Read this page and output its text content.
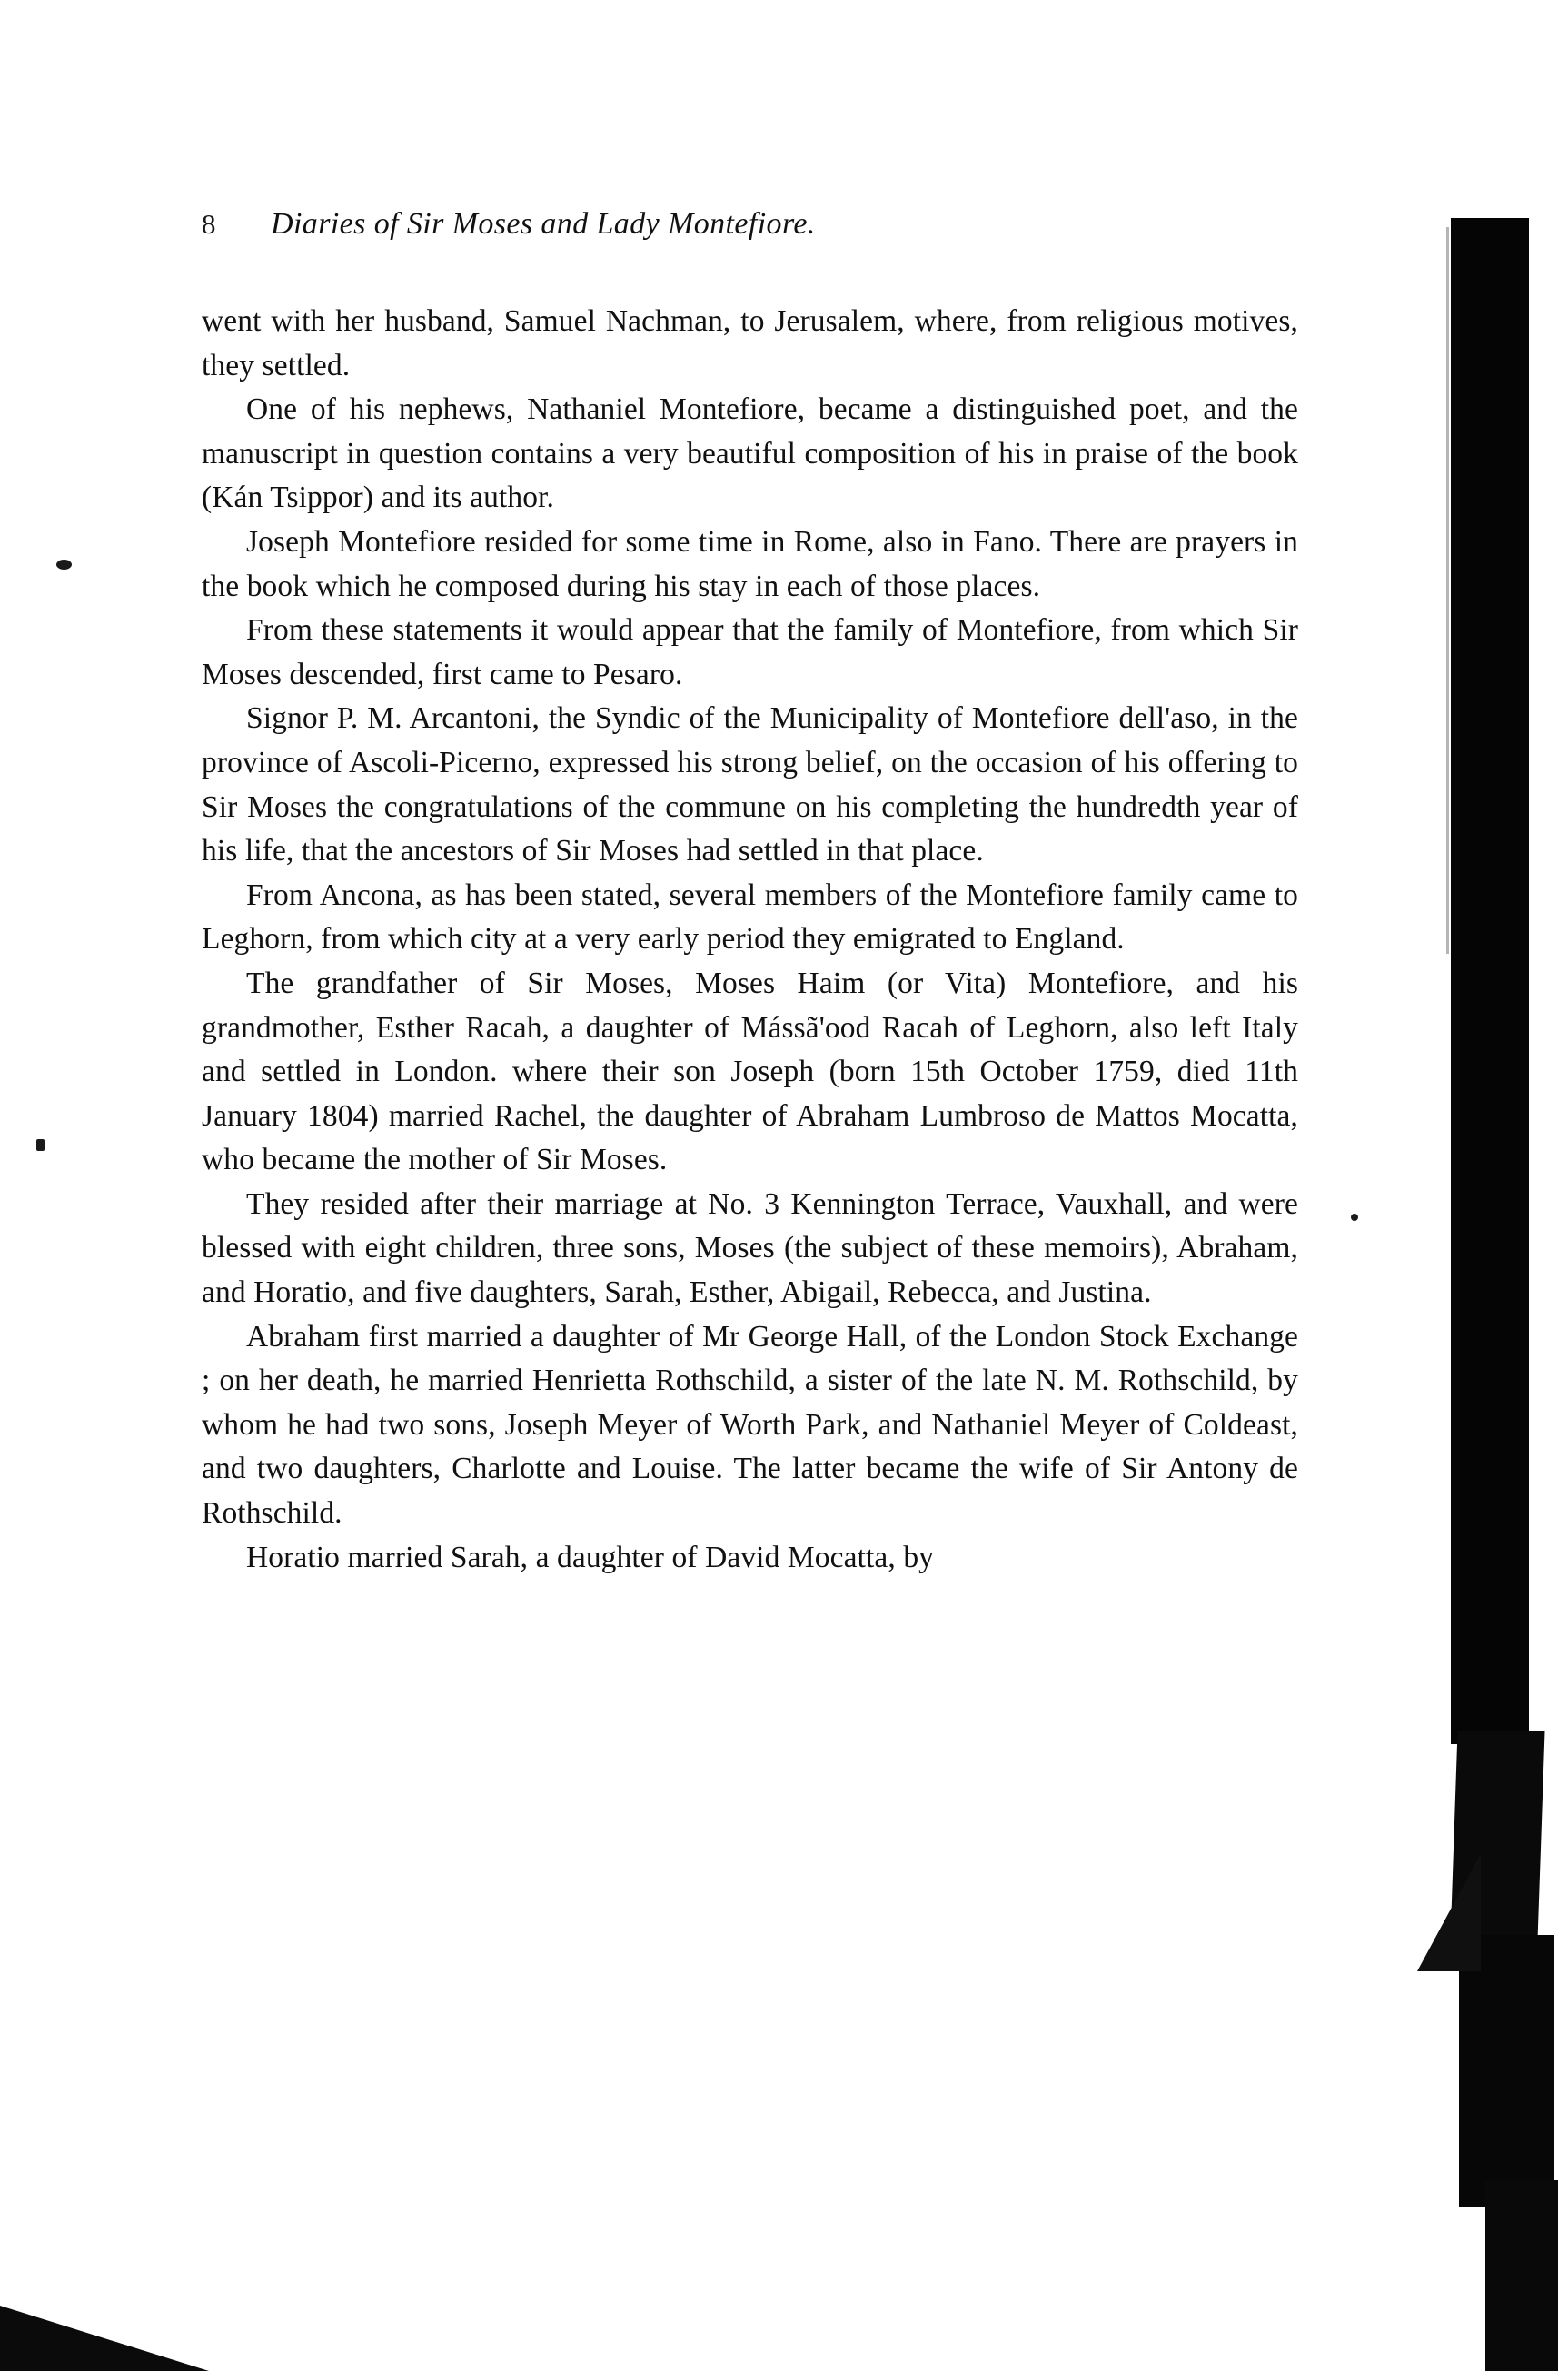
8 Diaries of Sir Moses and Lady Montefiore.

went with her husband, Samuel Nachman, to Jerusalem, where, from religious motives, they settled.

One of his nephews, Nathaniel Montefiore, became a distinguished poet, and the manuscript in question contains a very beautiful composition of his in praise of the book (Kán Tsippor) and its author.

Joseph Montefiore resided for some time in Rome, also in Fano. There are prayers in the book which he composed during his stay in each of those places.

From these statements it would appear that the family of Montefiore, from which Sir Moses descended, first came to Pesaro.

Signor P. M. Arcantoni, the Syndic of the Municipality of Montefiore dell'aso, in the province of Ascoli-Picerno, expressed his strong belief, on the occasion of his offering to Sir Moses the congratulations of the commune on his completing the hundredth year of his life, that the ancestors of Sir Moses had settled in that place.

From Ancona, as has been stated, several members of the Montefiore family came to Leghorn, from which city at a very early period they emigrated to England.

The grandfather of Sir Moses, Moses Haim (or Vita) Montefiore, and his grandmother, Esther Racah, a daughter of Mássã'ood Racah of Leghorn, also left Italy and settled in London. where their son Joseph (born 15th October 1759, died 11th January 1804) married Rachel, the daughter of Abraham Lumbroso de Mattos Mocatta, who became the mother of Sir Moses.

They resided after their marriage at No. 3 Kennington Terrace, Vauxhall, and were blessed with eight children, three sons, Moses (the subject of these memoirs), Abraham, and Horatio, and five daughters, Sarah, Esther, Abigail, Rebecca, and Justina.

Abraham first married a daughter of Mr George Hall, of the London Stock Exchange ; on her death, he married Henrietta Rothschild, a sister of the late N. M. Rothschild, by whom he had two sons, Joseph Meyer of Worth Park, and Nathaniel Meyer of Coldeast, and two daughters, Charlotte and Louise. The latter became the wife of Sir Antony de Rothschild.

Horatio married Sarah, a daughter of David Mocatta, by
